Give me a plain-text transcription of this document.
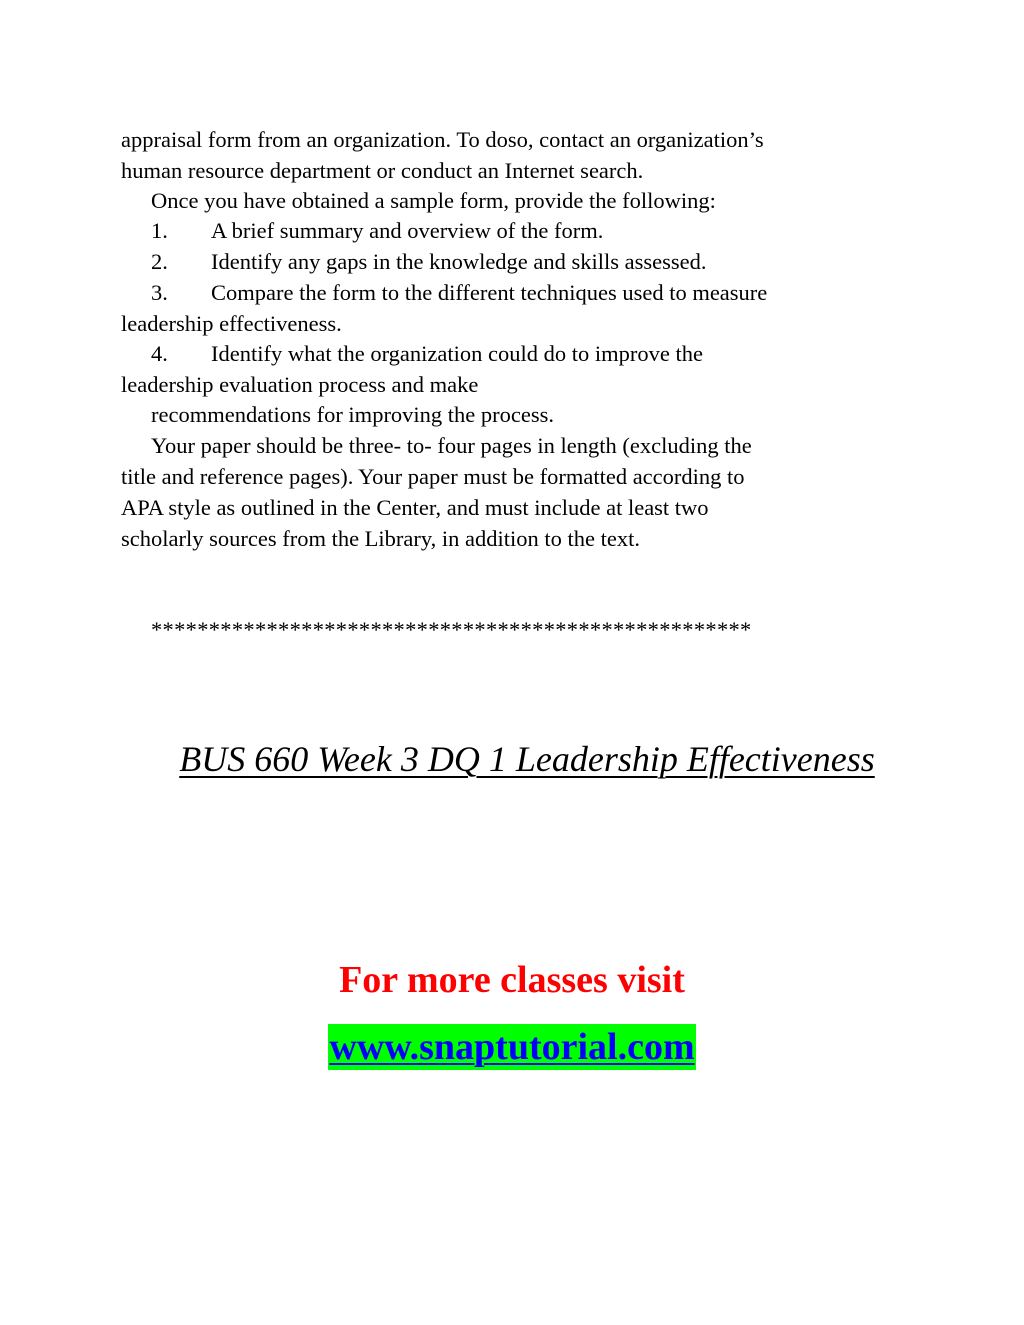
appraisal form from an organization. To doso, contact an organization’s

human resource department or conduct an Internet search.

Once you have obtained a sample form, provide the following:

1. A brief summary and overview of the form.

2. Identify any gaps in the knowledge and skills assessed.

3. Compare the form to the different techniques used to measure

leadership effectiveness.

4. Identify what the organization could do to improve the

leadership evaluation process and make

recommendations for improving the process.

Your paper should be three- to- four pages in length (excluding the

title and reference pages). Your paper must be formatted according to

APA style as outlined in the Center, and must include at least two

scholarly sources from the Library, in addition to the text.

****************************************************
BUS 660 Week 3 DQ 1 Leadership Effectiveness
For more classes visit
www.snaptutorial.com
